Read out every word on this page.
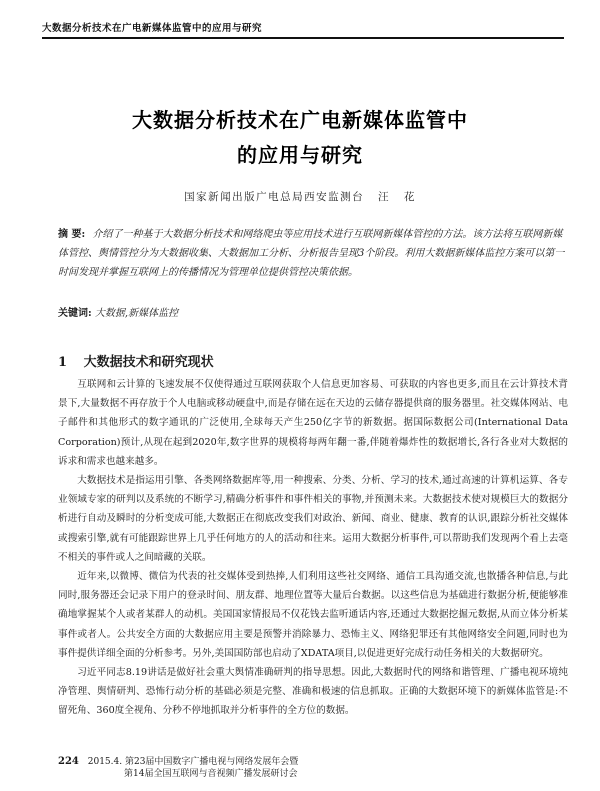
大数据分析技术在广电新媒体监管中的应用与研究
大数据分析技术在广电新媒体监管中
的应用与研究
国家新闻出版广电总局西安监测台 汪 花
摘 要: 介绍了一种基于大数据分析技术和网络爬虫等应用技术进行互联网新媒体管控的方法。该方法将互联网新媒体管控、舆情管控分为大数据收集、大数据加工分析、分析报告呈现3个阶段。利用大数据新媒体监控方案可以第一时间发现并掌握互联网上的传播情况为管理单位提供管控决策依据。
关键词: 大数据,新媒体监控
1 大数据技术和研究现状

互联网和云计算的飞速发展不仅使得通过互联网获取个人信息更加容易、可获取的内容也更多,而且在云计算技术背景下,大量数据不再存放于个人电脑或移动硬盘中,而是存储在远在天边的云储存器提供商的服务器里。社交媒体网站、电子邮件和其他形式的数字通讯的广泛使用,全球每天产生250亿字节的新数据。据国际数据公司(International Data Corporation)预计,从现在起到2020年,数字世界的规模将每两年翻一番,伴随着爆炸性的数据增长,各行各业对大数据的诉求和需求也越来越多。

大数据技术是指运用引擎、各类网络数据库等,用一种搜索、分类、分析、学习的技术,通过高速的计算机运算、各专业领域专家的研判以及系统的不断学习,精确分析事件和事件相关的事物,并预测未来。大数据技术使对规模巨大的数据分析进行自动及瞬时的分析变成可能,大数据正在彻底改变我们对政治、新闻、商业、健康、教育的认识,跟踪分析社交媒体或搜索引擎,就有可能跟踪世界上几乎任何地方的人的活动和往来。运用大数据分析事件,可以帮助我们发现两个看上去毫不相关的事件或人之间暗藏的关联。

近年来,以微博、微信为代表的社交媒体受到热捧,人们利用这些社交网络、通信工具沟通交流,也散播各种信息,与此同时,服务器还会记录下用户的登录时间、朋友群、地理位置等大量后台数据。以这些信息为基础进行数据分析,便能够准确地掌握某个人或者某群人的动机。美国国家情报局不仅花钱去监听通话内容,还通过大数据挖掘元数据,从而立体分析某事件或者人。公共安全方面的大数据应用主要是预警并消除暴力、恐怖主义、网络犯罪还有其他网络安全问题,同时也为事件提供详细全面的分析参考。另外,美国国防部也启动了XDATA项目,以促进更好完成行动任务相关的大数据研究。

习近平同志8.19讲话是做好社会重大舆情准确研判的指导思想。因此,大数据时代的网络和谐管理、广播电视环境纯净管理、舆情研判、恐怖行动分析的基础必须是完整、准确和极速的信息抓取。正确的大数据环境下的新媒体监管是:不留死角、360度全视角、分秒不停地抓取并分析事件的全方位的数据。

224 2015.4. 第23届中国数字广播电视与网络发展年会暨
第14届全国互联网与音视频广播发展研讨会
